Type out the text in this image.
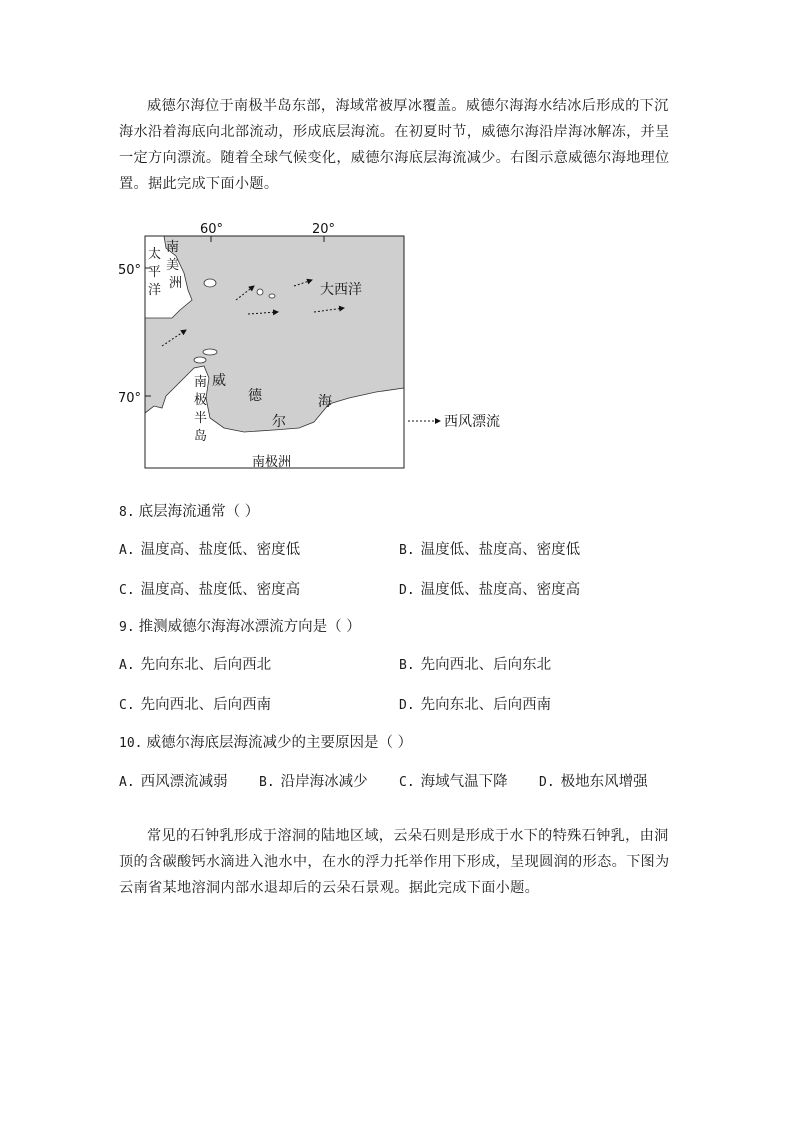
威德尔海位于南极半岛东部，海域常被厚冰覆盖。威德尔海海水结冰后形成的下沉海水沿着海底向北部流动，形成底层海流。在初夏时节，威德尔海沿岸海冰解冻，并呈一定方向漂流。随着全球气候变化，威德尔海底层海流减少。右图示意威德尔海地理位置。据此完成下面小题。

60°	20°
50°
70°
太
平
洋
南
美
洲	大西洋
南
极
半
岛
威
德
尔
海
南极洲
西风漂流

8. 底层海流通常（ ）

A. 温度高、盐度低、密度低	B. 温度低、盐度高、密度低

C. 温度高、盐度低、密度高	D. 温度低、盐度高、密度高

9. 推测威德尔海海冰漂流方向是（ ）

A. 先向东北、后向西北	B. 先向西北、后向东北

C. 先向西北、后向西南	D. 先向东北、后向西南

10. 威德尔海底层海流减少的主要原因是（ ）

A. 西风漂流减弱 B. 沿岸海冰减少 C. 海域气温下降 D. 极地东风增强

常见的石钟乳形成于溶洞的陆地区域，云朵石则是形成于水下的特殊石钟乳，由洞顶的含碳酸钙水滴进入池水中，在水的浮力托举作用下形成，呈现圆润的形态。下图为云南省某地溶洞内部水退却后的云朵石景观。据此完成下面小题。
